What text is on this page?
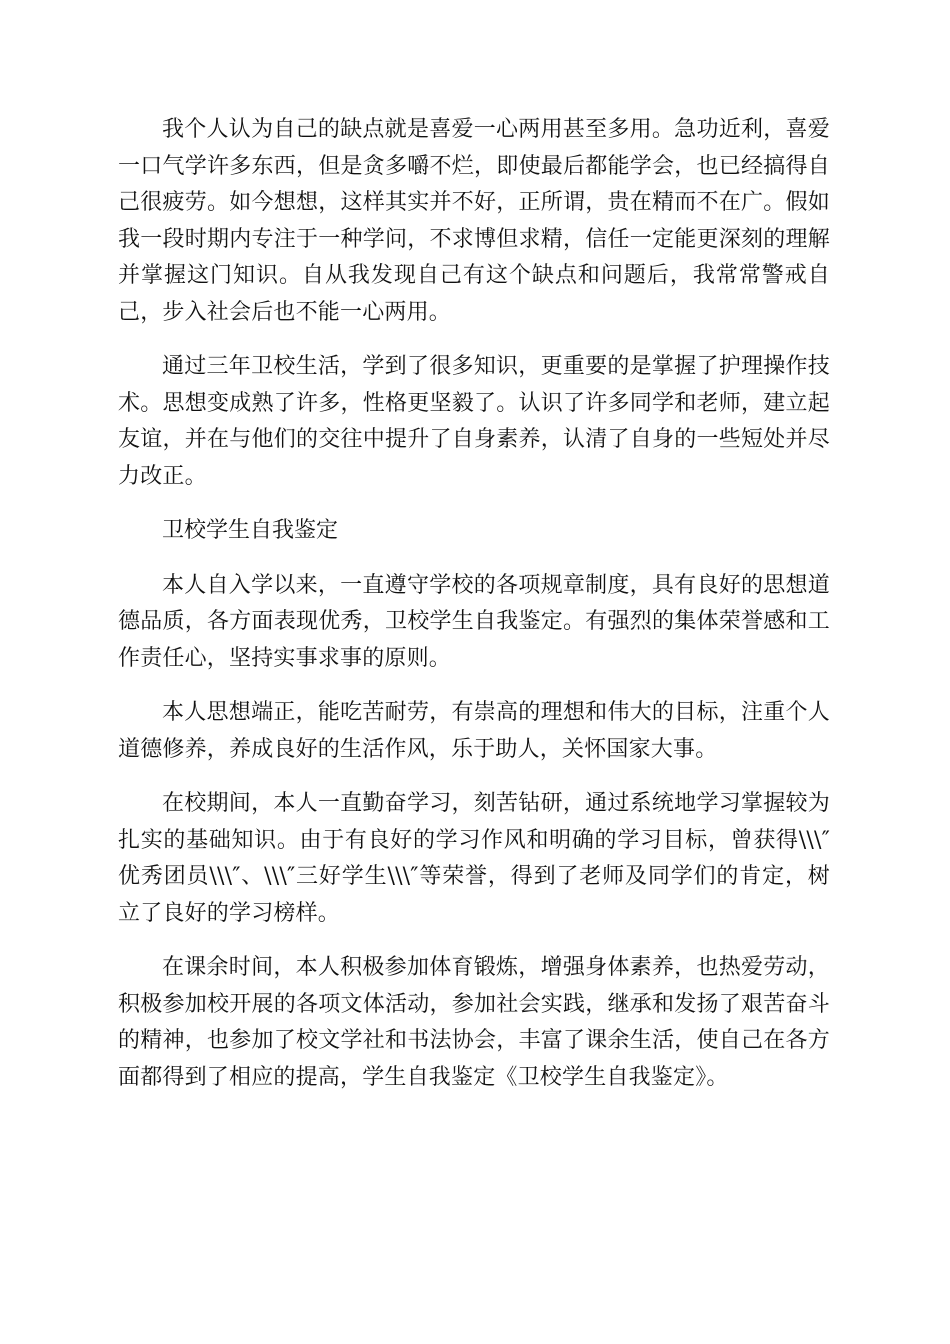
我个人认为自己的缺点就是喜爱一心两用甚至多用。急功近利，喜爱一口气学许多东西，但是贪多嚼不烂，即使最后都能学会，也已经搞得自己很疲劳。如今想想，这样其实并不好，正所谓，贵在精而不在广。假如我一段时期内专注于一种学问，不求博但求精，信任一定能更深刻的理解并掌握这门知识。自从我发现自己有这个缺点和问题后，我常常警戒自己，步入社会后也不能一心两用。

通过三年卫校生活，学到了很多知识，更重要的是掌握了护理操作技术。思想变成熟了许多，性格更坚毅了。认识了许多同学和老师，建立起友谊，并在与他们的交往中提升了自身素养，认清了自身的一些短处并尽力改正。

卫校学生自我鉴定

本人自入学以来，一直遵守学校的各项规章制度，具有良好的思想道德品质，各方面表现优秀，卫校学生自我鉴定。有强烈的集体荣誉感和工作责任心，坚持实事求事的原则。

本人思想端正，能吃苦耐劳，有崇高的理想和伟大的目标，注重个人道德修养，养成良好的生活作风，乐于助人，关怀国家大事。

在校期间，本人一直勤奋学习，刻苦钻研，通过系统地学习掌握较为扎实的基础知识。由于有良好的学习作风和明确的学习目标，曾获得\\\″优秀团员\\\″、\\\″三好学生\\\″等荣誉，得到了老师及同学们的肯定，树立了良好的学习榜样。

在课余时间，本人积极参加体育锻炼，增强身体素养，也热爱劳动，积极参加校开展的各项文体活动，参加社会实践，继承和发扬了艰苦奋斗的精神，也参加了校文学社和书法协会，丰富了课余生活，使自己在各方面都得到了相应的提高，学生自我鉴定《卫校学生自我鉴定》。
